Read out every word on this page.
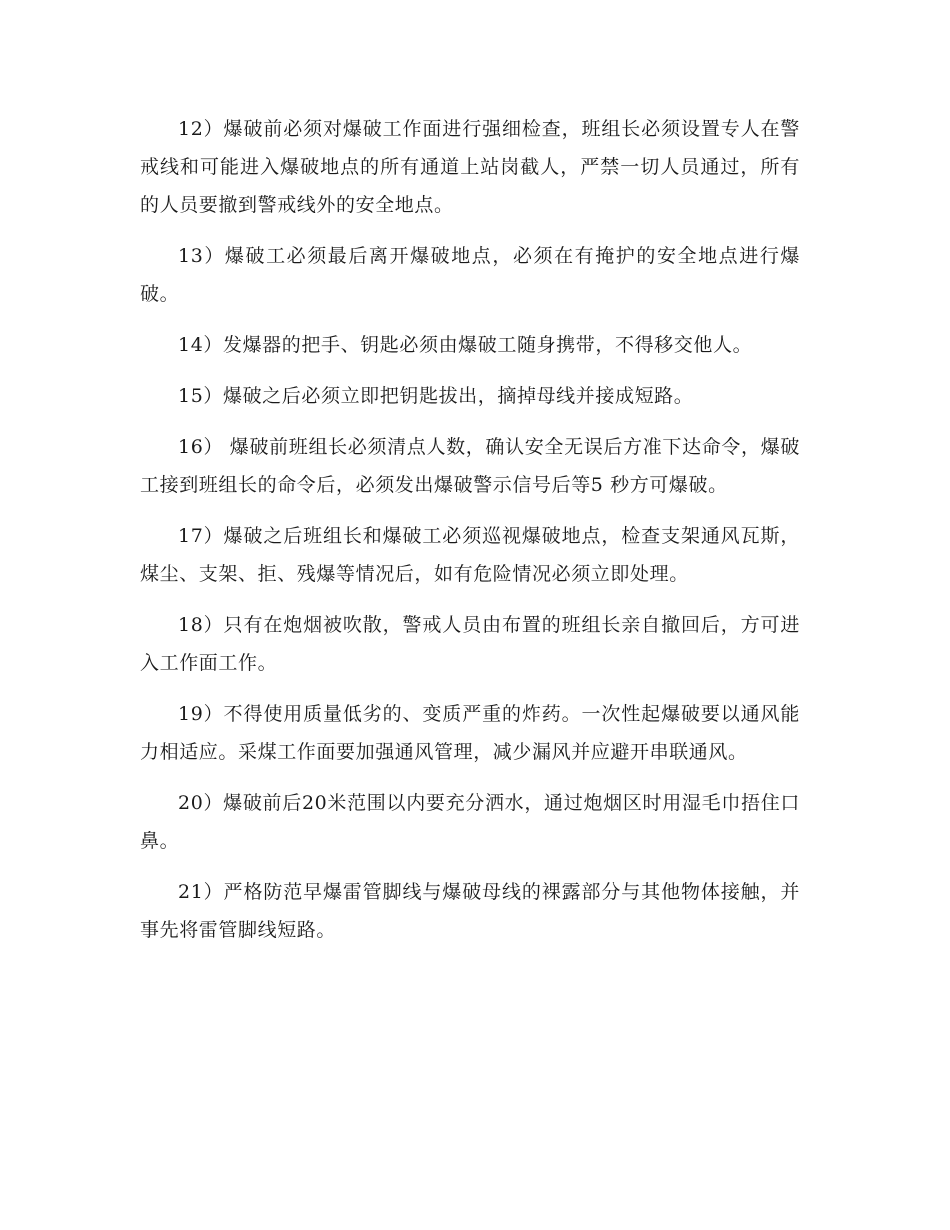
12）爆破前必须对爆破工作面进行强细检查，班组长必须设置专人在警戒线和可能进入爆破地点的所有通道上站岗截人，严禁一切人员通过，所有的人员要撤到警戒线外的安全地点。

13）爆破工必须最后离开爆破地点，必须在有掩护的安全地点进行爆破。

14）发爆器的把手、钥匙必须由爆破工随身携带，不得移交他人。

15）爆破之后必须立即把钥匙拔出，摘掉母线并接成短路。

16） 爆破前班组长必须清点人数，确认安全无误后方准下达命令，爆破工接到班组长的命令后，必须发出爆破警示信号后等5 秒方可爆破。

17）爆破之后班组长和爆破工必须巡视爆破地点，检查支架通风瓦斯，煤尘、支架、拒、残爆等情况后，如有危险情况必须立即处理。

18）只有在炮烟被吹散，警戒人员由布置的班组长亲自撤回后，方可进入工作面工作。

19）不得使用质量低劣的、变质严重的炸药。一次性起爆破要以通风能力相适应。采煤工作面要加强通风管理，减少漏风并应避开串联通风。

20）爆破前后20米范围以内要充分洒水，通过炮烟区时用湿毛巾捂住口鼻。

21）严格防范早爆雷管脚线与爆破母线的裸露部分与其他物体接触，并事先将雷管脚线短路。
